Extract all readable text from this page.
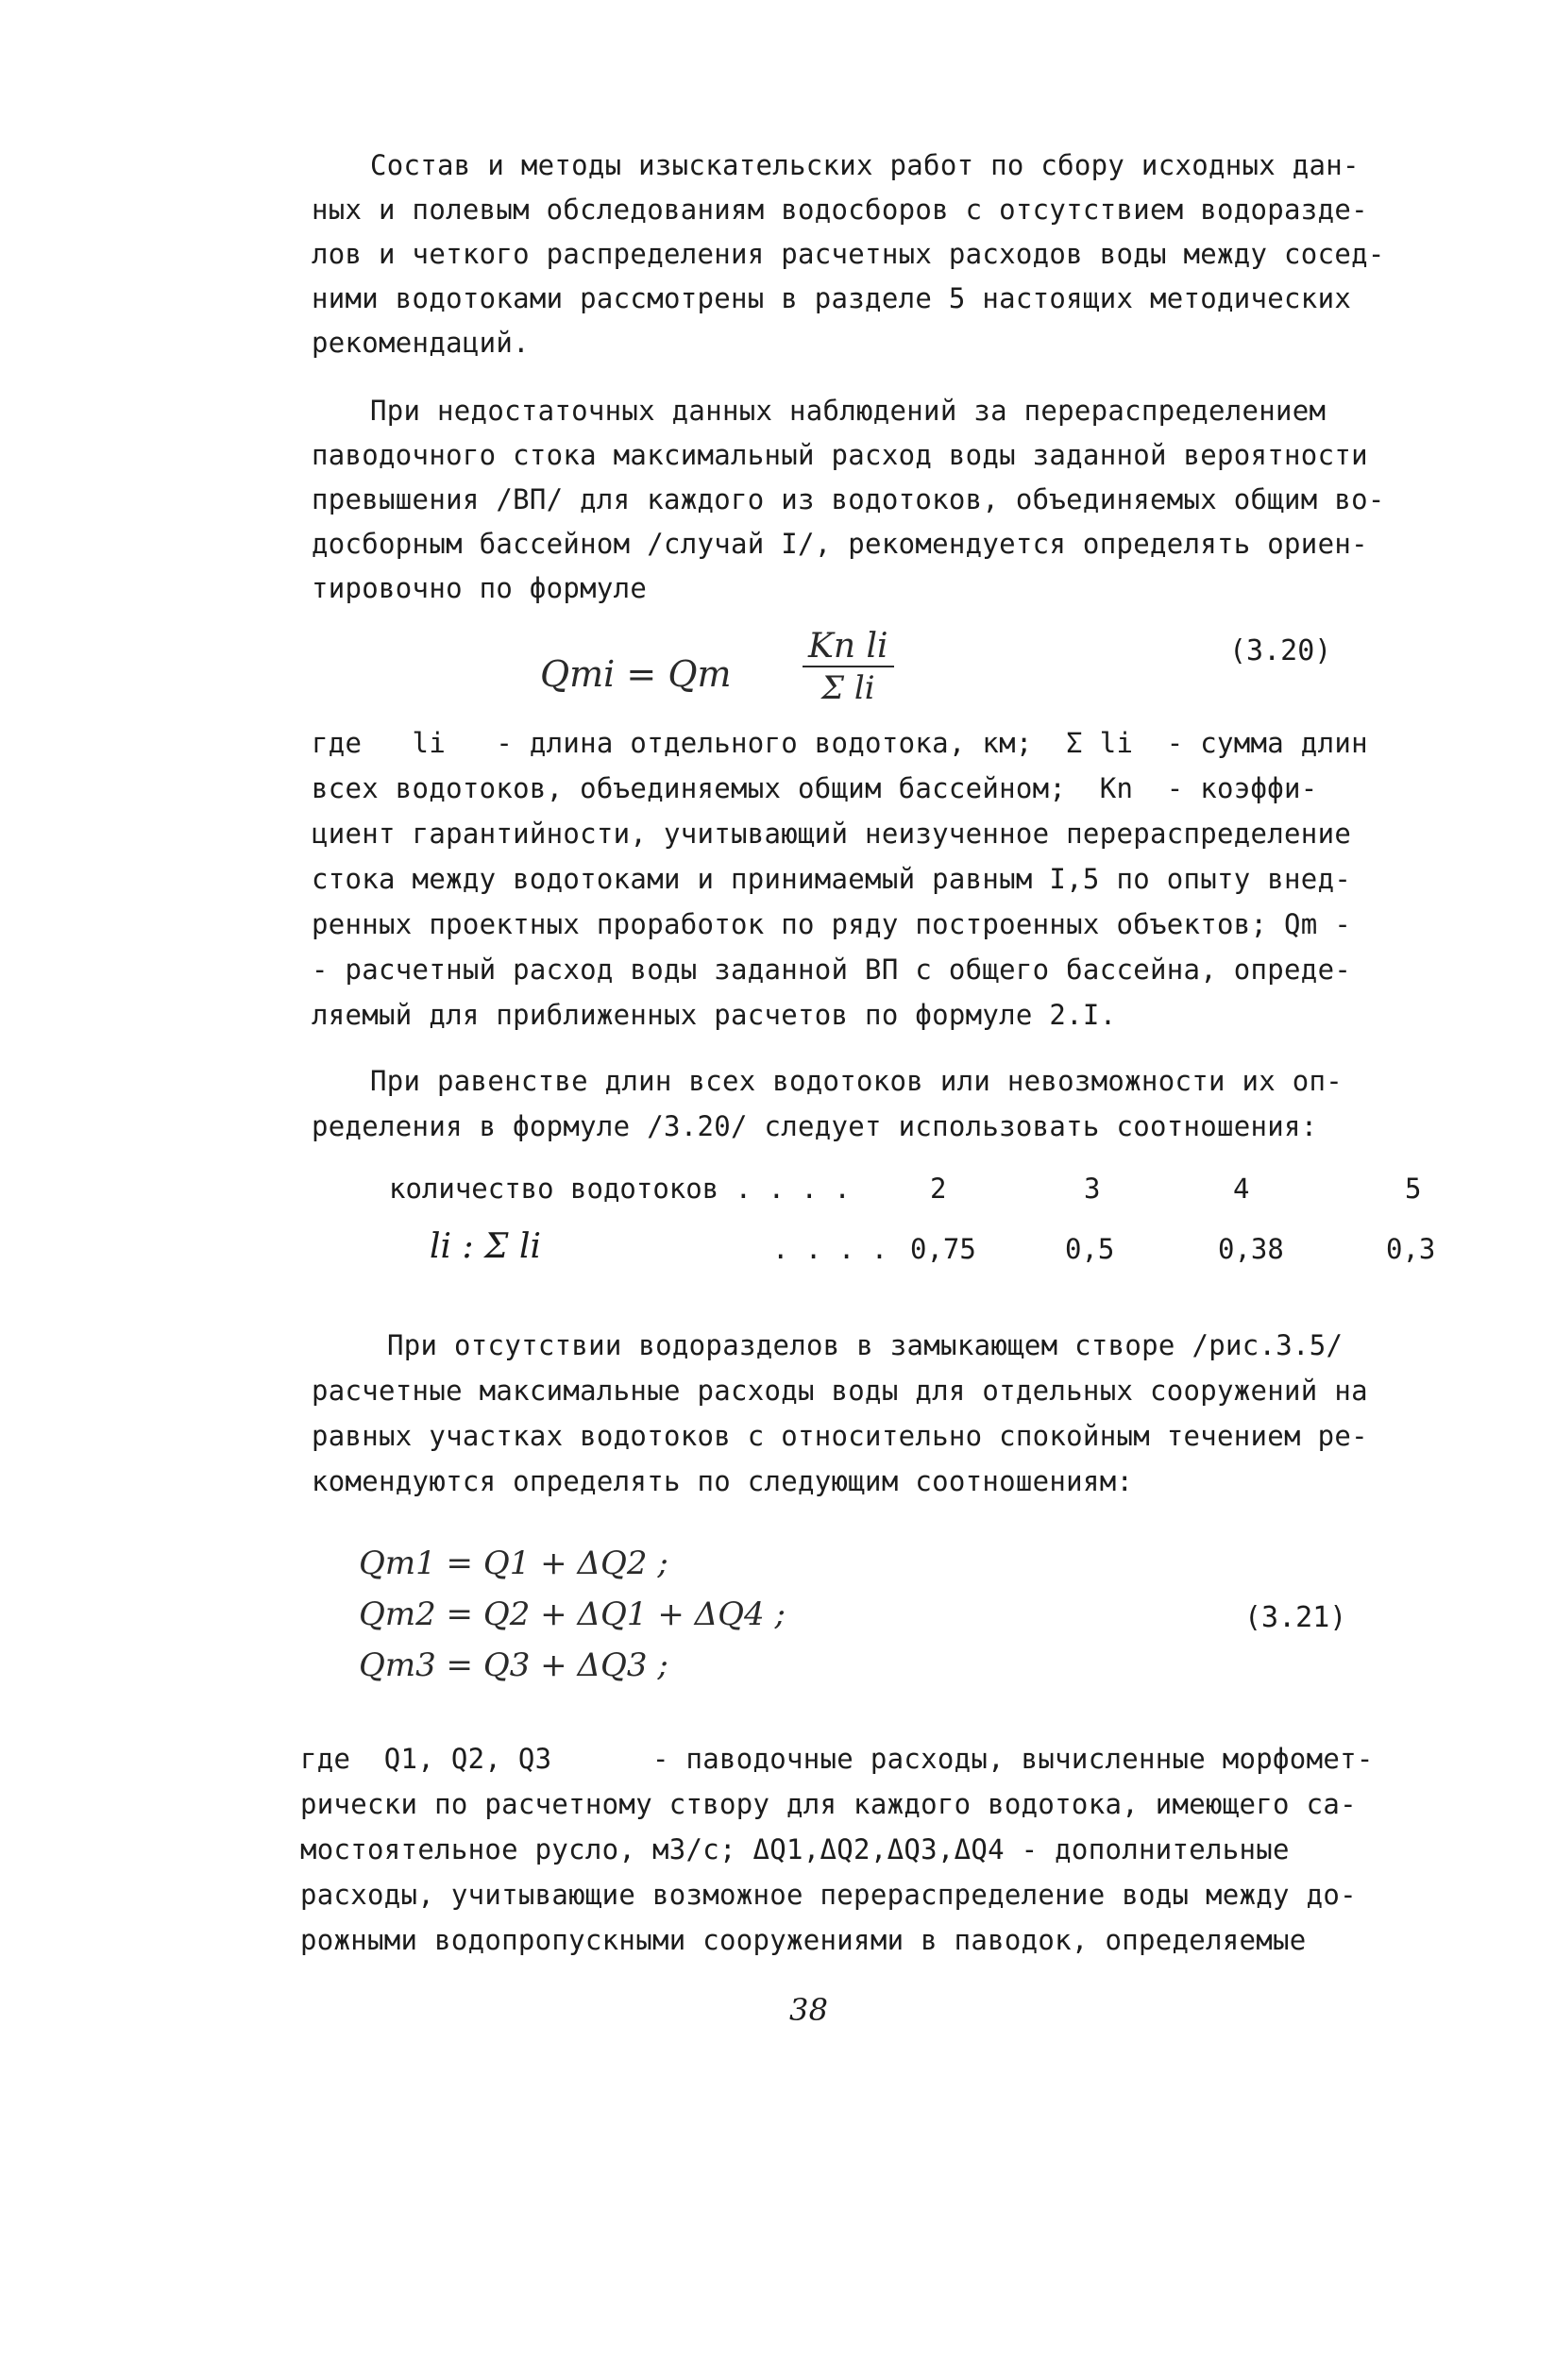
Состав и методы изыскательских работ по сбору исходных дан-
ных и полевым обследованиям водосборов с отсутствием водоразде-
лов и четкого распределения расчетных расходов воды между сосед-
ними водотоками рассмотрены в разделе 5 настоящих методических
рекомендаций.
При недостаточных данных наблюдений за перераспределением
паводочного стока максимальный расход воды заданной вероятности
превышения /ВП/ для каждого из водотоков, объединяемых общим во-
досборным бассейном /случай I/, рекомендуется определять ориен-
тировочно по формуле
Qmi = Qm $\frac{\text{Kn li}}{\text{Σ li}}$	(3.20)
где   li   - длина отдельного водотока, км;  Σ li  - сумма длин
всех водотоков, объединяемых общим бассейном;  Kn  - коэффи-
циент гарантийности, учитывающий неизученное перераспределение
стока между водотоками и принимаемый равным I,5 по опыту внед-
ренных проектных проработок по ряду построенных объектов; Qm -
- расчетный расход воды заданной ВП с общего бассейна, опреде-
ляемый для приближенных расчетов по формуле 2.I.
При равенстве длин всех водотоков или невозможности их оп-
ределения в формуле /3.20/ следует использовать соотношения:
количество водотоков . . . .	2	3	4	5
li : Σ li	. . . . 0,75	0,5	0,38	0,3
При отсутствии водоразделов в замыкающем створе /рис.3.5/
расчетные максимальные расходы воды для отдельных сооружений на
равных участках водотоков с относительно спокойным течением ре-
комендуются определять по следующим соотношениям:
Qm1 = Q1 + ΔQ2 ;
Qm2 = Q2 + ΔQ1 + ΔQ4 ;
Qm3 = Q3 + ΔQ3 ;
(3.21)
где  Q1, Q2, Q3      - паводочные расходы, вычисленные морфомет-
рически по расчетному створу для каждого водотока, имеющего са-
мостоятельное русло, м3/с; ΔQ1,ΔQ2,ΔQ3,ΔQ4 - дополнительные
расходы, учитывающие возможное перераспределение воды между до-
рожными водопропускными сооружениями в паводок, определяемые
38
